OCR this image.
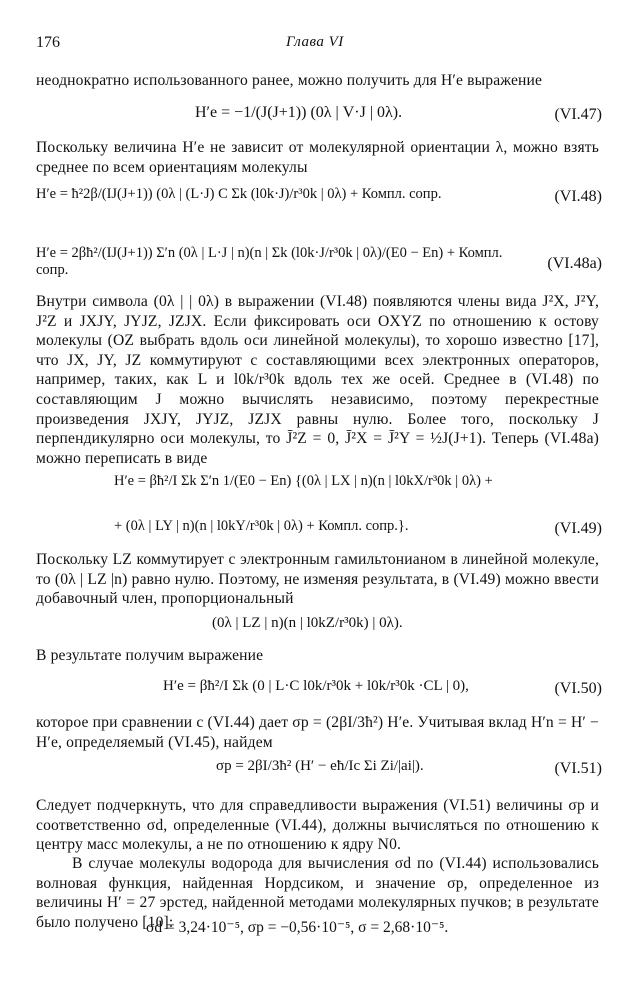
176	Глава VI
неоднократно использованного ранее, можно получить для H′e выражение
H′e = −1/(J(J+1)) (0λ | V·J | 0λ).	(VI.47)
Поскольку величина H′e не зависит от молекулярной ориентации λ, можно взять среднее по всем ориентациям молекулы
H′e = ħ²2β/(IJ(J+1)) (0λ | (L·J) C Σk (l0k·J)/r³0k | 0λ) + Компл. сопр.	(VI.48)
H′e = 2βħ²/(IJ(J+1)) Σ′n (0λ | L·J | n)(n | Σk (l0k·J/r³0k | 0λ)/(E0 − En) + Компл. сопр.	(VI.48a)
Внутри символа (0λ | | 0λ) в выражении (VI.48) появляются члены вида J²X, J²Y, J²Z и JXJY, JYJZ, JZJX. Если фиксировать оси OXYZ по отношению к остову молекулы (OZ выбрать вдоль оси линейной молекулы), то хорошо известно [17], что JX, JY, JZ коммутируют с составляющими всех электронных операторов, например, таких, как L и l0k/r³0k вдоль тех же осей. Среднее в (VI.48) по составляющим J можно вычислять независимо, поэтому перекрестные произведения JXJY, JYJZ, JZJX равны нулю. Более того, поскольку J перпендикулярно оси молекулы, то J̄²Z = 0, J̄²X = J̄²Y = ½J(J+1). Теперь (VI.48a) можно переписать в виде
H′e = βħ²/I Σk Σ′n 1/(E0 − En) {(0λ | LX | n)(n | l0kX/r³0k | 0λ) +
+ (0λ | LY | n)(n | l0kY/r³0k | 0λ) + Компл. сопр.}.	(VI.49)
Поскольку LZ коммутирует с электронным гамильтонианом в линейной молекуле, то (0λ | LZ |n) равно нулю. Поэтому, не изменяя результата, в (VI.49) можно ввести добавочный член, пропорциональный
(0λ | LZ | n)(n | l0kZ/r³0k) | 0λ).
В результате получим выражение
H′e = βħ²/I Σk (0 | L·C l0k/r³0k + l0k/r³0k ·CL | 0),	(VI.50)
которое при сравнении с (VI.44) дает σp = (2βI/3ħ²) H′e. Учитывая вклад H′n = H′ − H′e, определяемый (VI.45), найдем
σp = 2βI/3ħ² (H′ − eħ/Ic Σi Zi/|ai|).	(VI.51)
Следует подчеркнуть, что для справедливости выражения (VI.51) величины σp и соответственно σd, определенные (VI.44), должны вычисляться по отношению к центру масс молекулы, а не по отношению к ядру N0.
В случае молекулы водорода для вычисления σd по (VI.44) использовались волновая функция, найденная Нордсиком, и значение σp, определенное из величины H′ = 27 эрстед, найденной методами молекулярных пучков; в результате было получено [10]:
σd = 3,24·10⁻⁵, σp = −0,56·10⁻⁵, σ = 2,68·10⁻⁵.
